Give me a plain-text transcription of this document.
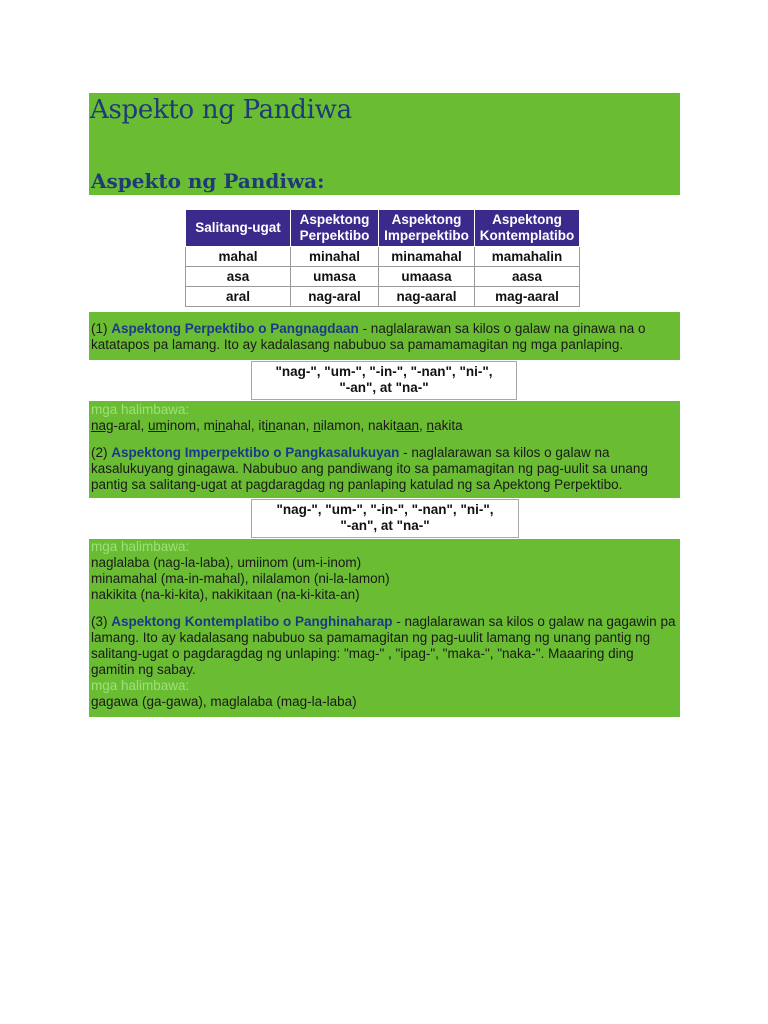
Aspekto ng Pandiwa
Aspekto ng Pandiwa:
Salitang-ugat	Aspektong Perpektibo	Aspektong Imperpektibo	Aspektong Kontemplatibo
mahal	minahal	minamahal	mamahalin
asa	umasa	umaasa	aasa
aral	nag-aral	nag-aaral	mag-aaral

(1) Aspektong Perpektibo o Pangnagdaan - naglalarawan sa kilos o galaw na ginawa na o katatapos pa lamang. Ito ay kadalasang nabubuo sa pamamamagitan ng mga panlaping.

"nag-", "um-", "-in-", "-nan", "ni-",
"-an", at "na-"

mga halimbawa:

nag-aral, uminom, minahal, itinanan, nilamon, nakitaan, nakita

(2) Aspektong Imperpektibo o Pangkasalukuyan - naglalarawan sa kilos o galaw na kasalukuyang ginagawa. Nabubuo ang pandiwang ito sa pamamagitan ng pag-uulit sa unang pantig sa salitang-ugat at pagdaragdag ng panlaping katulad ng sa Apektong Perpektibo.

"nag-", "um-", "-in-", "-nan", "ni-",
"-an", at "na-"

mga halimbawa:

naglalaba (nag-la-laba), umiinom (um-i-inom)

minamahal (ma-in-mahal), nilalamon (ni-la-lamon)

nakikita (na-ki-kita), nakikitaan (na-ki-kita-an)

(3) Aspektong Kontemplatibo o Panghinaharap - naglalarawan sa kilos o galaw na gagawin pa lamang. Ito ay kadalasang nabubuo sa pamamagitan ng pag-uulit lamang ng unang pantig ng salitang-ugat o pagdaragdag ng unlaping: "mag-" , "ipag-", "maka-", "naka-". Maaaring ding gamitin ng sabay.

mga halimbawa:

gagawa (ga-gawa), maglalaba (mag-la-laba)
